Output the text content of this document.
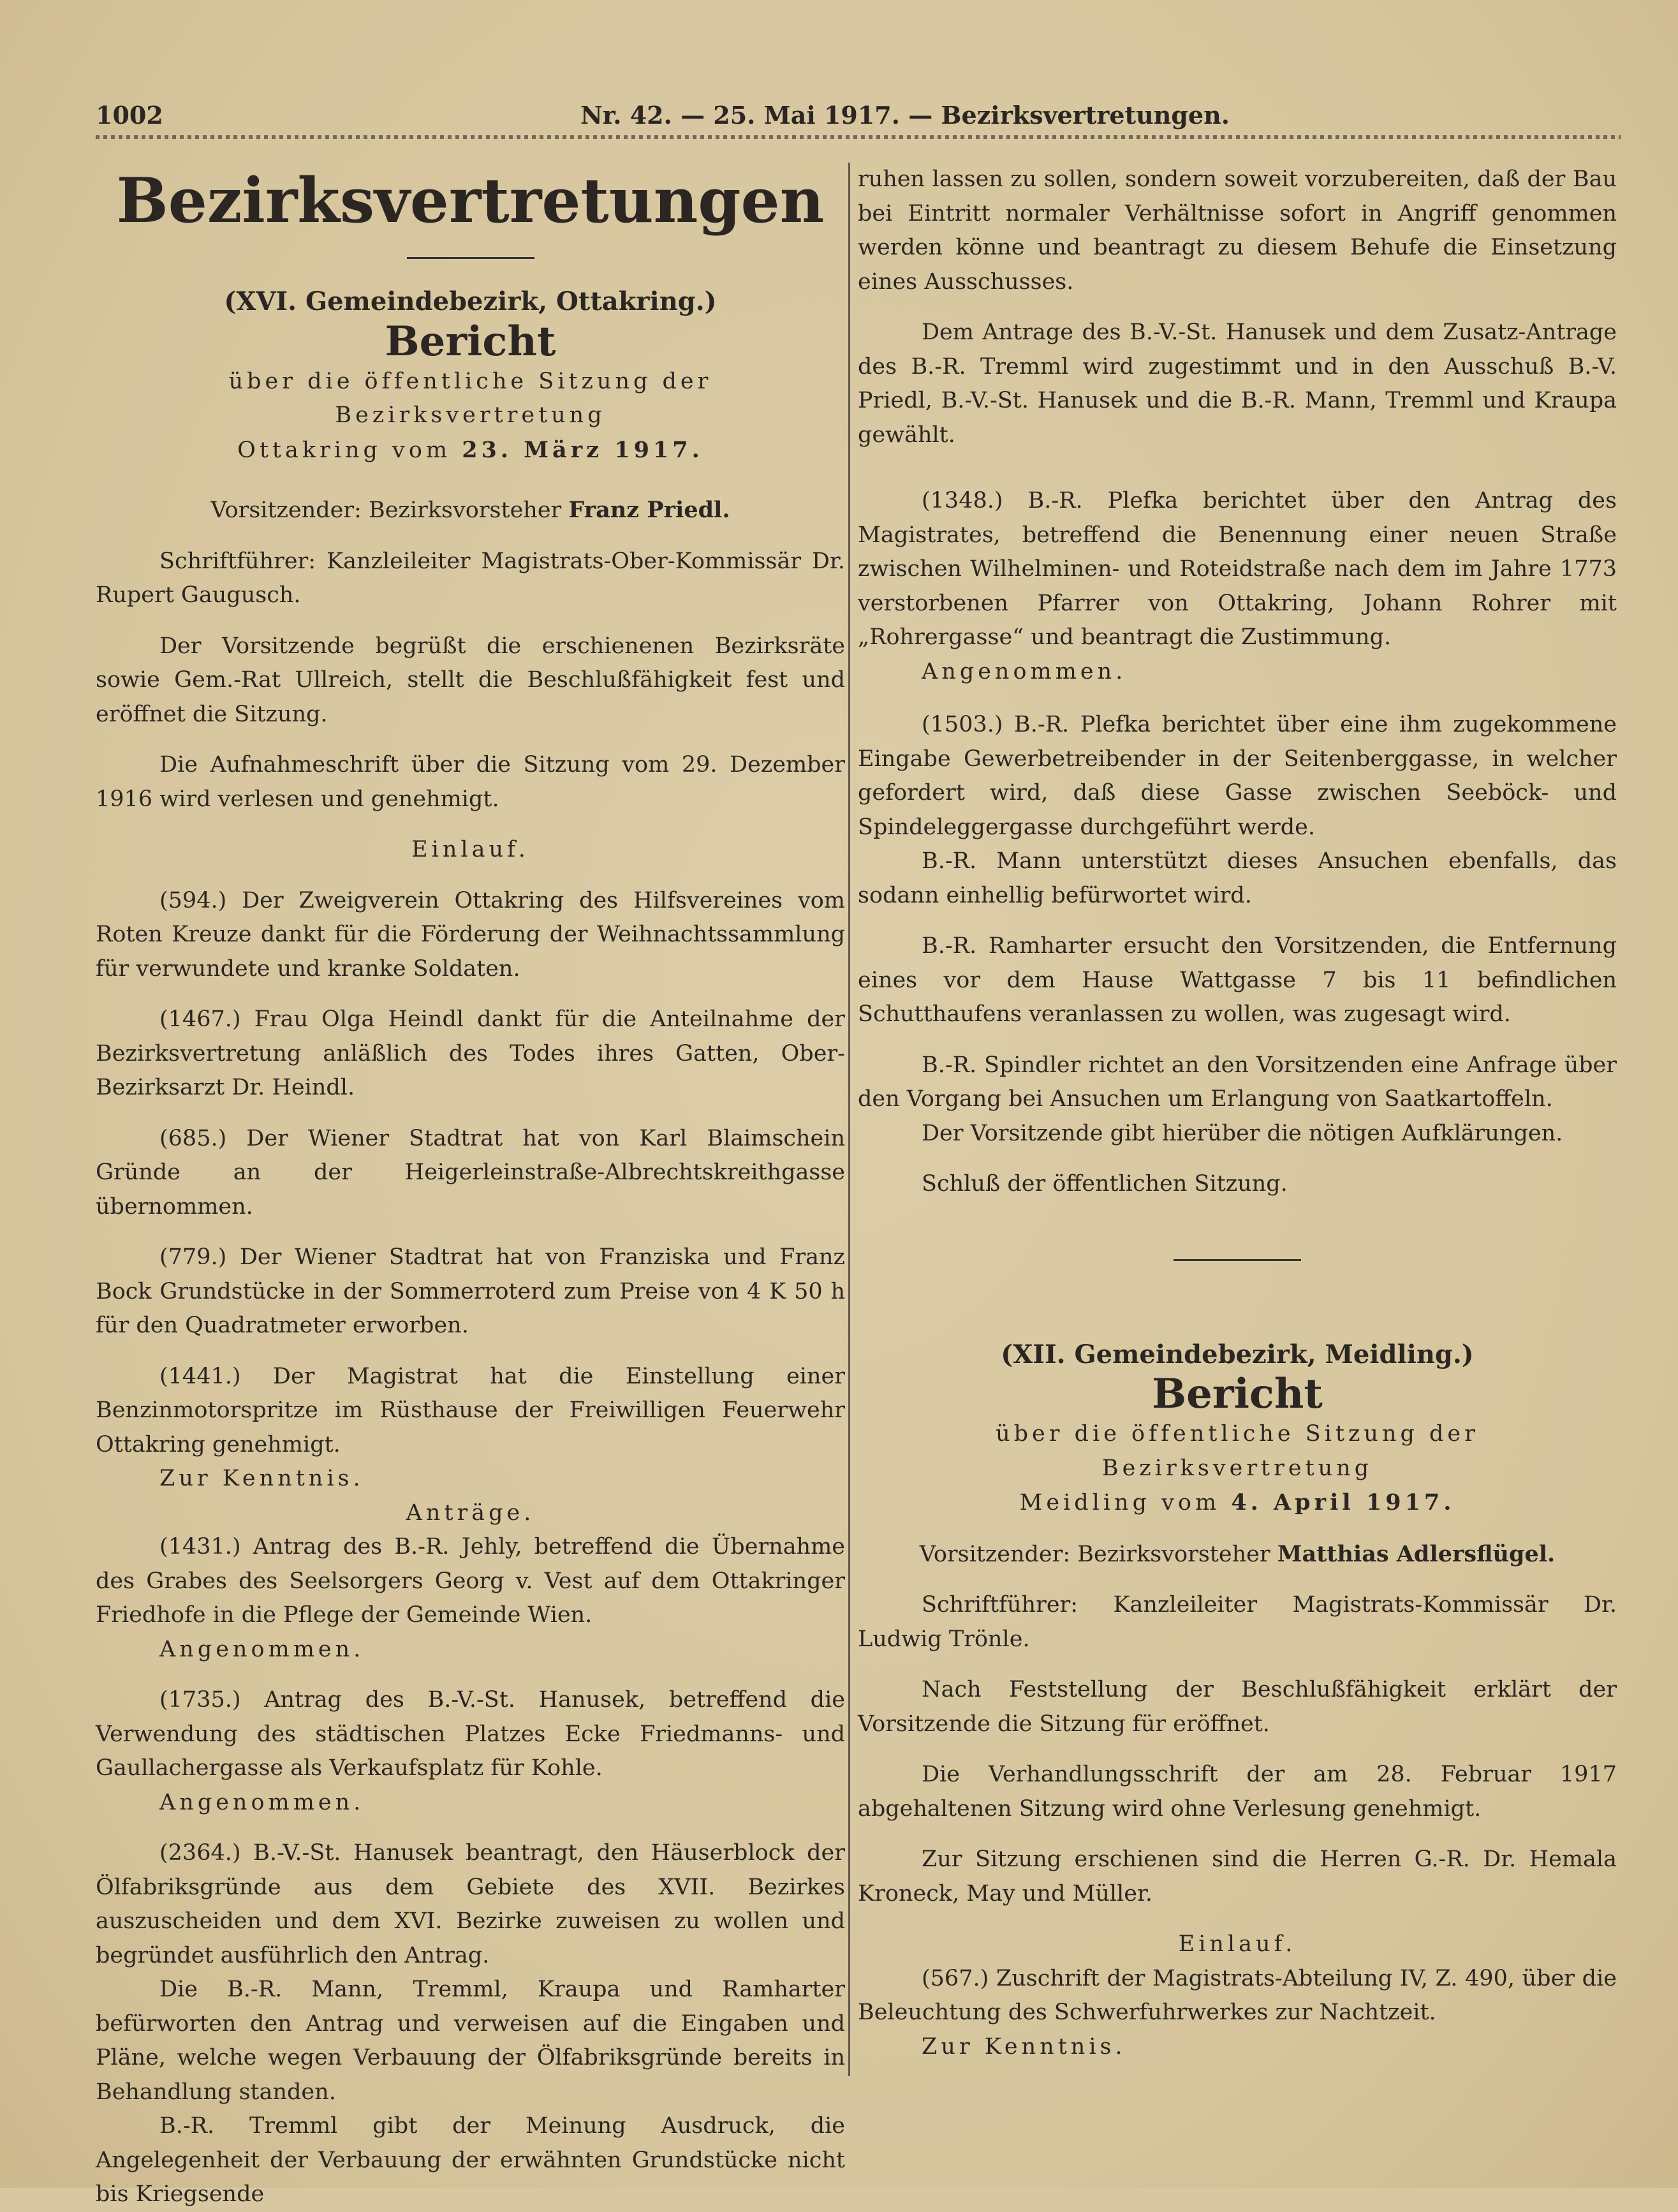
1002	Nr. 42. — 25. Mai 1917. — Bezirksvertretungen.

Bezirksvertretungen

(XVI. Gemeindebezirk, Ottakring.)

Bericht

über die öffentliche Sitzung der Bezirksvertretung

Ottakring vom 23. März 1917.

Vorsitzender: Bezirksvorsteher Franz Priedl.

Schriftführer: Kanzleileiter Magistrats-Ober-Kommissär Dr. Rupert Gaugusch.

Der Vorsitzende begrüßt die erschienenen Bezirksräte sowie Gem.-Rat Ullreich, stellt die Beschlußfähigkeit fest und eröffnet die Sitzung.

Die Aufnahmeschrift über die Sitzung vom 29. Dezember 1916 wird verlesen und genehmigt.

Einlauf.

(594.) Der Zweigverein Ottakring des Hilfsvereines vom Roten Kreuze dankt für die Förderung der Weihnachtssammlung für verwundete und kranke Soldaten.

(1467.) Frau Olga Heindl dankt für die Anteilnahme der Bezirksvertretung anläßlich des Todes ihres Gatten, Ober-Bezirksarzt Dr. Heindl.

(685.) Der Wiener Stadtrat hat von Karl Blaimschein Gründe an der Heigerleinstraße-Albrechtskreithgasse übernommen.

(779.) Der Wiener Stadtrat hat von Franziska und Franz Bock Grundstücke in der Sommerroterd zum Preise von 4 K 50 h für den Quadratmeter erworben.

(1441.) Der Magistrat hat die Einstellung einer Benzinmotorspritze im Rüsthause der Freiwilligen Feuerwehr Ottakring genehmigt.

Zur Kenntnis.

Anträge.

(1431.) Antrag des B.-R. Jehly, betreffend die Übernahme des Grabes des Seelsorgers Georg v. Vest auf dem Ottakringer Friedhofe in die Pflege der Gemeinde Wien.

Angenommen.

(1735.) Antrag des B.-V.-St. Hanusek, betreffend die Verwendung des städtischen Platzes Ecke Friedmanns- und Gaullachergasse als Verkaufsplatz für Kohle.

Angenommen.

(2364.) B.-V.-St. Hanusek beantragt, den Häuserblock der Ölfabriksgründe aus dem Gebiete des XVII. Bezirkes auszuscheiden und dem XVI. Bezirke zuweisen zu wollen und begründet ausführlich den Antrag.

Die B.-R. Mann, Tremml, Kraupa und Ramharter befürworten den Antrag und verweisen auf die Eingaben und Pläne, welche wegen Verbauung der Ölfabriksgründe bereits in Behandlung standen.

B.-R. Tremml gibt der Meinung Ausdruck, die Angelegenheit der Verbauung der erwähnten Grundstücke nicht bis Kriegsende

ruhen lassen zu sollen, sondern soweit vorzubereiten, daß der Bau bei Eintritt normaler Verhältnisse sofort in Angriff genommen werden könne und beantragt zu diesem Behufe die Einsetzung eines Ausschusses.

Dem Antrage des B.-V.-St. Hanusek und dem Zusatz-Antrage des B.-R. Tremml wird zugestimmt und in den Ausschuß B.-V. Priedl, B.-V.-St. Hanusek und die B.-R. Mann, Tremml und Kraupa gewählt.

(1348.) B.-R. Plefka berichtet über den Antrag des Magistrates, betreffend die Benennung einer neuen Straße zwischen Wilhelminen- und Roteidstraße nach dem im Jahre 1773 verstorbenen Pfarrer von Ottakring, Johann Rohrer mit „Rohrergasse“ und beantragt die Zustimmung.

Angenommen.

(1503.) B.-R. Plefka berichtet über eine ihm zugekommene Eingabe Gewerbetreibender in der Seitenberggasse, in welcher gefordert wird, daß diese Gasse zwischen Seeböck- und Spindeleggergasse durchgeführt werde.

B.-R. Mann unterstützt dieses Ansuchen ebenfalls, das sodann einhellig befürwortet wird.

B.-R. Ramharter ersucht den Vorsitzenden, die Entfernung eines vor dem Hause Wattgasse 7 bis 11 befindlichen Schutthaufens veranlassen zu wollen, was zugesagt wird.

B.-R. Spindler richtet an den Vorsitzenden eine Anfrage über den Vorgang bei Ansuchen um Erlangung von Saatkartoffeln.

Der Vorsitzende gibt hierüber die nötigen Aufklärungen.

Schluß der öffentlichen Sitzung.

(XII. Gemeindebezirk, Meidling.)

Bericht

über die öffentliche Sitzung der Bezirksvertretung

Meidling vom 4. April 1917.

Vorsitzender: Bezirksvorsteher Matthias Adlersflügel.

Schriftführer: Kanzleileiter Magistrats-Kommissär Dr. Ludwig Trönle.

Nach Feststellung der Beschlußfähigkeit erklärt der Vorsitzende die Sitzung für eröffnet.

Die Verhandlungsschrift der am 28. Februar 1917 abgehaltenen Sitzung wird ohne Verlesung genehmigt.

Zur Sitzung erschienen sind die Herren G.-R. Dr. Hemala Kroneck, May und Müller.

Einlauf.

(567.) Zuschrift der Magistrats-Abteilung IV, Z. 490, über die Beleuchtung des Schwerfuhrwerkes zur Nachtzeit.

Zur Kenntnis.
